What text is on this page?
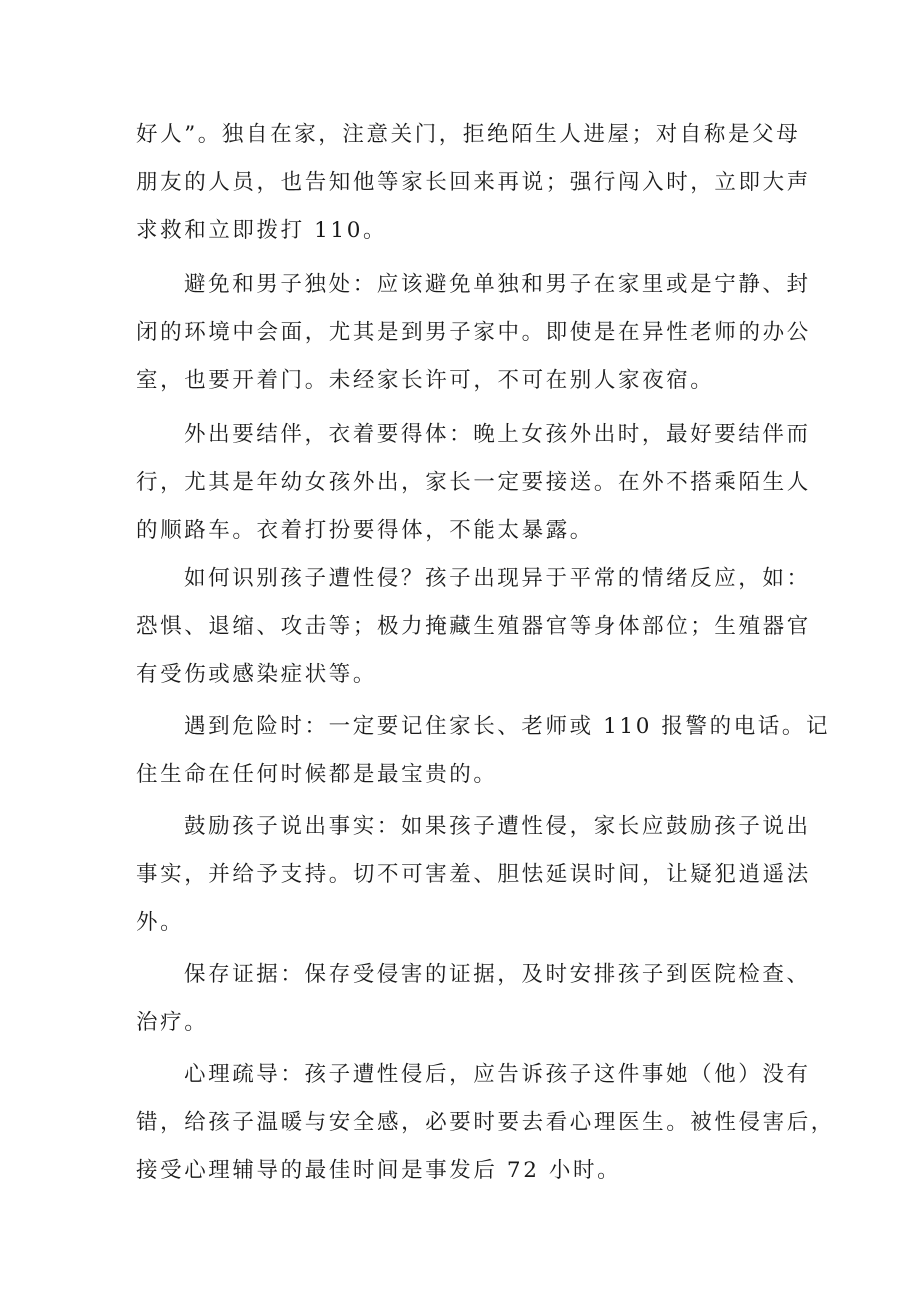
好人”。独自在家，注意关门，拒绝陌生人进屋；对自称是父母
朋友的人员，也告知他等家长回来再说；强行闯入时，立即大声
求救和立即拨打 110。
避免和男子独处：应该避免单独和男子在家里或是宁静、封
闭的环境中会面，尤其是到男子家中。即使是在异性老师的办公
室，也要开着门。未经家长许可，不可在别人家夜宿。
外出要结伴，衣着要得体：晚上女孩外出时，最好要结伴而
行，尤其是年幼女孩外出，家长一定要接送。在外不搭乘陌生人
的顺路车。衣着打扮要得体，不能太暴露。
如何识别孩子遭性侵？孩子出现异于平常的情绪反应，如：
恐惧、退缩、攻击等；极力掩藏生殖器官等身体部位；生殖器官
有受伤或感染症状等。
遇到危险时：一定要记住家长、老师或 110 报警的电话。记
住生命在任何时候都是最宝贵的。
鼓励孩子说出事实：如果孩子遭性侵，家长应鼓励孩子说出
事实，并给予支持。切不可害羞、胆怯延误时间，让疑犯逍遥法
外。
保存证据：保存受侵害的证据，及时安排孩子到医院检查、
治疗。
心理疏导：孩子遭性侵后，应告诉孩子这件事她（他）没有
错，给孩子温暖与安全感，必要时要去看心理医生。被性侵害后，
接受心理辅导的最佳时间是事发后 72 小时。
